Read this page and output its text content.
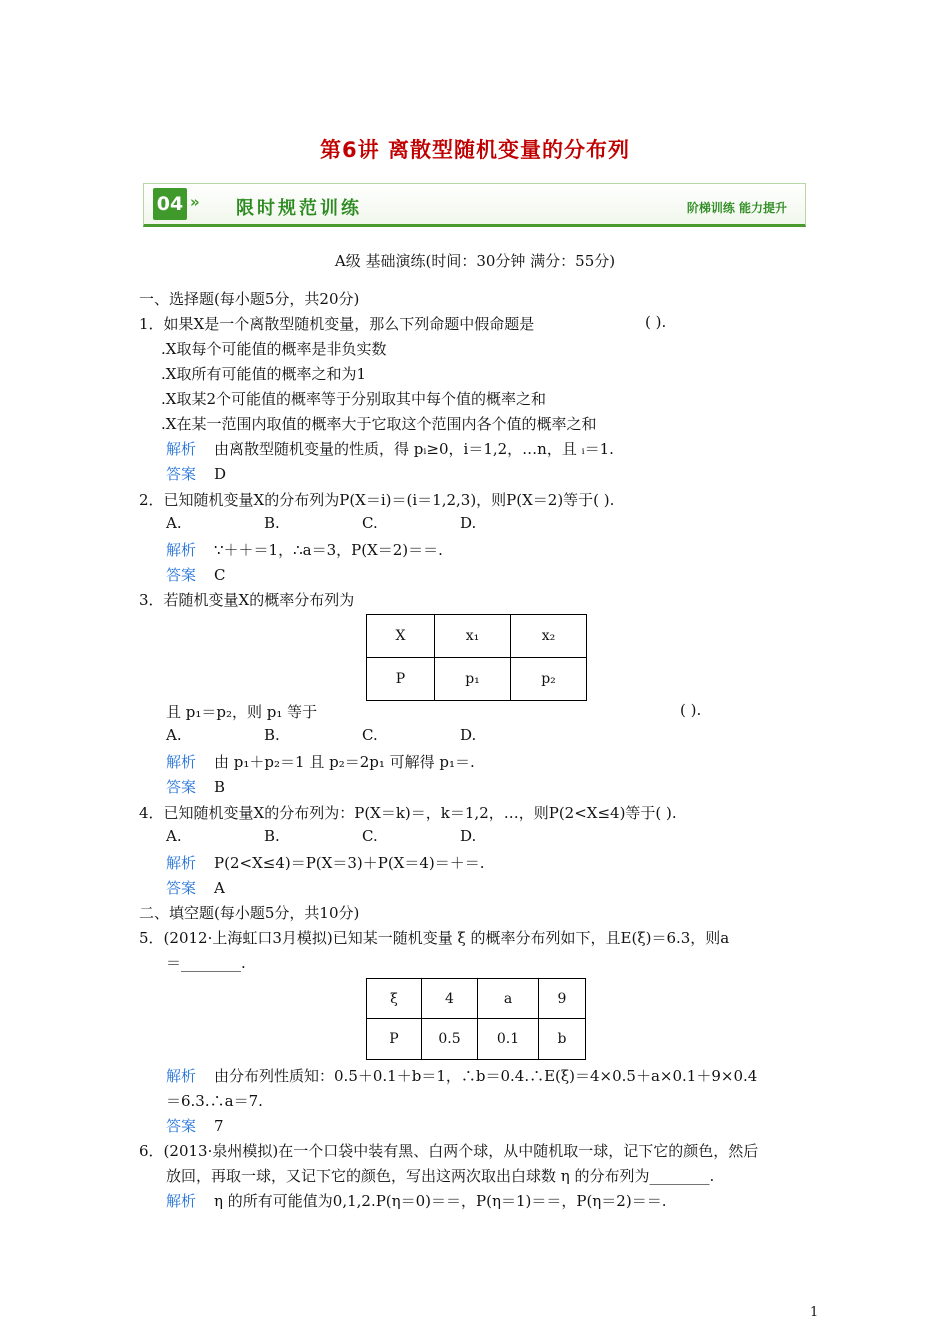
第6讲 离散型随机变量的分布列
04 » 限时规范训练	阶梯训练 能力提升
A级 基础演练(时间：30分钟 满分：55分)
一、选择题(每小题5分，共20分)
1．如果X是一个离散型随机变量，那么下列命题中假命题是	( ).
.X取每个可能值的概率是非负实数
.X取所有可能值的概率之和为1
.X取某2个可能值的概率等于分别取其中每个值的概率之和
.X在某一范围内取值的概率大于它取这个范围内各个值的概率之和
解析 由离散型随机变量的性质，得 pᵢ≥0，i＝1,2，…n，且 ᵢ＝1.
答案 D
2．已知随机变量X的分布列为P(X＝i)＝(i＝1,2,3)，则P(X＝2)等于( ).
A.	B.	C.	D.
解析 ∵＋＋＝1，∴a＝3，P(X＝2)＝＝.
答案 C
3．若随机变量X的概率分布列为
X	x₁	x₂
P	p₁	p₂
且 p₁＝p₂，则 p₁ 等于	( ).
A.	B.	C.	D.
解析 由 p₁＋p₂＝1 且 p₂＝2p₁ 可解得 p₁＝.
答案 B
4．已知随机变量X的分布列为：P(X＝k)＝，k＝1,2，…，则P(2<X≤4)等于( ).
A.	B.	C.	D.
解析 P(2<X≤4)＝P(X＝3)＋P(X＝4)＝＋＝.
答案 A
二、填空题(每小题5分，共10分)
5．(2012·上海虹口3月模拟)已知某一随机变量 ξ 的概率分布列如下，且E(ξ)＝6.3，则a
＝________.
ξ	4	a	9
P	0.5	0.1	b
解析 由分布列性质知：0.5＋0.1＋b＝1，∴b＝0.4.∴E(ξ)＝4×0.5＋a×0.1＋9×0.4
＝6.3.∴a＝7.
答案 7
6．(2013·泉州模拟)在一个口袋中装有黑、白两个球，从中随机取一球，记下它的颜色，然后
放回，再取一球，又记下它的颜色，写出这两次取出白球数 η 的分布列为________.
解析 η 的所有可能值为0,1,2.P(η＝0)＝＝，P(η＝1)＝＝，P(η＝2)＝＝.
1
